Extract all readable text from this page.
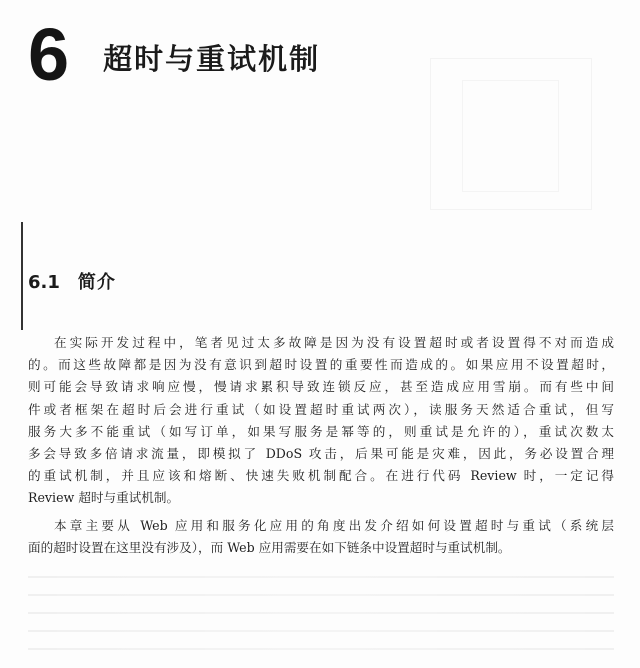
6 超时与重试机制
6.1 简介
在实际开发过程中，笔者见过太多故障是因为没有设置超时或者设置得不对而造成
的。而这些故障都是因为没有意识到超时设置的重要性而造成的。如果应用不设置超时，
则可能会导致请求响应慢，慢请求累积导致连锁反应，甚至造成应用雪崩。而有些中间
件或者框架在超时后会进行重试（如设置超时重试两次），读服务天然适合重试，但写
服务大多不能重试（如写订单，如果写服务是幂等的，则重试是允许的），重试次数太
多会导致多倍请求流量，即模拟了 DDoS 攻击，后果可能是灾难，因此，务必设置合理
的重试机制，并且应该和熔断、快速失败机制配合。在进行代码 Review 时，一定记得
Review 超时与重试机制。
本章主要从 Web 应用和服务化应用的角度出发介绍如何设置超时与重试（系统层
面的超时设置在这里没有涉及），而 Web 应用需要在如下链条中设置超时与重试机制。
